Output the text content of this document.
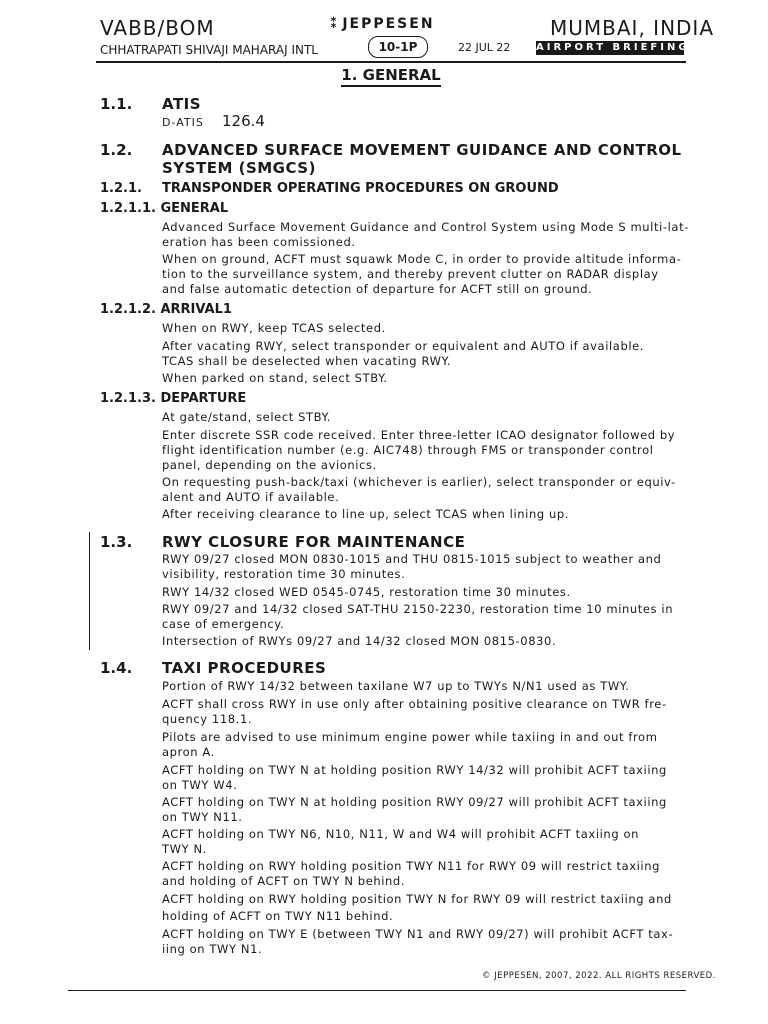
VABB/BOM
CHHATRAPATI SHIVAJI MAHARAJ INTL
⁑ JEPPESEN
10-1P	22 JUL 22
MUMBAI, INDIA
AIRPORT BRIEFING
1. GENERAL
1.1. ATIS
D-ATIS 126.4
1.2. ADVANCED SURFACE MOVEMENT GUIDANCE AND CONTROL
SYSTEM (SMGCS)
1.2.1. TRANSPONDER OPERATING PROCEDURES ON GROUND
1.2.1.1. GENERAL
Advanced Surface Movement Guidance and Control System using Mode S multi-lat-
eration has been comissioned.
When on ground, ACFT must squawk Mode C, in order to provide altitude informa-
tion to the surveillance system, and thereby prevent clutter on RADAR display
and false automatic detection of departure for ACFT still on ground.
1.2.1.2. ARRIVAL1
When on RWY, keep TCAS selected.
After vacating RWY, select transponder or equivalent and AUTO if available.
TCAS shall be deselected when vacating RWY.
When parked on stand, select STBY.
1.2.1.3. DEPARTURE
At gate/stand, select STBY.
Enter discrete SSR code received. Enter three-letter ICAO designator followed by
flight identification number (e.g. AIC748) through FMS or transponder control
panel, depending on the avionics.
On requesting push-back/taxi (whichever is earlier), select transponder or equiv-
alent and AUTO if available.
After receiving clearance to line up, select TCAS when lining up.
1.3. RWY CLOSURE FOR MAINTENANCE
RWY 09/27 closed MON 0830-1015 and THU 0815-1015 subject to weather and
visibility, restoration time 30 minutes.
RWY 14/32 closed WED 0545-0745, restoration time 30 minutes.
RWY 09/27 and 14/32 closed SAT-THU 2150-2230, restoration time 10 minutes in
case of emergency.
Intersection of RWYs 09/27 and 14/32 closed MON 0815-0830.
1.4. TAXI PROCEDURES
Portion of RWY 14/32 between taxilane W7 up to TWYs N/N1 used as TWY.
ACFT shall cross RWY in use only after obtaining positive clearance on TWR fre-
quency 118.1.
Pilots are advised to use minimum engine power while taxiing in and out from
apron A.
ACFT holding on TWY N at holding position RWY 14/32 will prohibit ACFT taxiing
on TWY W4.
ACFT holding on TWY N at holding position RWY 09/27 will prohibit ACFT taxiing
on TWY N11.
ACFT holding on TWY N6, N10, N11, W and W4 will prohibit ACFT taxiing on
TWY N.
ACFT holding on RWY holding position TWY N11 for RWY 09 will restrict taxiing
and holding of ACFT on TWY N behind.
ACFT holding on RWY holding position TWY N for RWY 09 will restrict taxiing and
holding of ACFT on TWY N11 behind.
ACFT holding on TWY E (between TWY N1 and RWY 09/27) will prohibit ACFT tax-
iing on TWY N1.
© JEPPESEN, 2007, 2022. ALL RIGHTS RESERVED.
